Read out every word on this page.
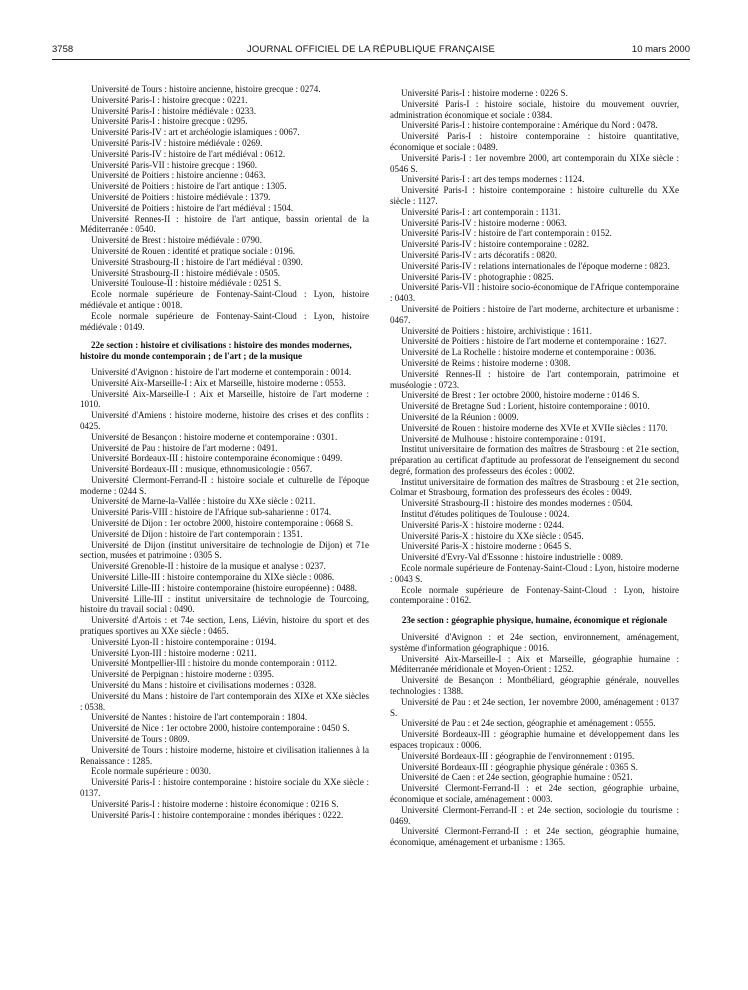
3758	JOURNAL OFFICIEL DE LA RÉPUBLIQUE FRANÇAISE	10 mars 2000

Université de Tours : histoire ancienne, histoire grecque : 0274.

Université Paris-I : histoire grecque : 0221.

Université Paris-I : histoire médiévale : 0233.

Université Paris-I : histoire grecque : 0295.

Université Paris-IV : art et archéologie islamiques : 0067.

Université Paris-IV : histoire médiévale : 0269.

Université Paris-IV : histoire de l'art médiéval : 0612.

Université Paris-VII : histoire grecque : 1960.

Université de Poitiers : histoire ancienne : 0463.

Université de Poitiers : histoire de l'art antique : 1305.

Université de Poitiers : histoire médiévale : 1379.

Université de Poitiers : histoire de l'art médiéval : 1504.

Université Rennes-II : histoire de l'art antique, bassin oriental de la Méditerranée : 0540.

Université de Brest : histoire médiévale : 0790.

Université de Rouen : identité et pratique sociale : 0196.

Université Strasbourg-II : histoire de l'art médiéval : 0390.

Université Strasbourg-II : histoire médiévale : 0505.

Université Toulouse-II : histoire médiévale : 0251 S.

Ecole normale supérieure de Fontenay-Saint-Cloud : Lyon, histoire médiévale et antique : 0018.

Ecole normale supérieure de Fontenay-Saint-Cloud : Lyon, histoire médiévale : 0149.

22e section : histoire et civilisations : histoire des mondes modernes, histoire du monde contemporain ; de l'art ; de la musique

Université d'Avignon : histoire de l'art moderne et contemporain : 0014.

Université Aix-Marseille-I : Aix et Marseille, histoire moderne : 0553.

Université Aix-Marseille-I : Aix et Marseille, histoire de l'art moderne : 1010.

Université d'Amiens : histoire moderne, histoire des crises et des conflits : 0425.

Université de Besançon : histoire moderne et contemporaine : 0301.

Université de Pau : histoire de l'art moderne : 0491.

Université Bordeaux-III : histoire contemporaine économique : 0499.

Université Bordeaux-III : musique, ethnomusicologie : 0567.

Université Clermont-Ferrand-II : histoire sociale et culturelle de l'époque moderne : 0244 S.

Université de Marne-la-Vallée : histoire du XXe siècle : 0211.

Université Paris-VIII : histoire de l'Afrique sub-saharienne : 0174.

Université de Dijon : 1er octobre 2000, histoire contemporaine : 0668 S.

Université de Dijon : histoire de l'art contemporain : 1351.

Université de Dijon (institut universitaire de technologie de Dijon) et 71e section, musées et patrimoine : 0305 S.

Université Grenoble-II : histoire de la musique et analyse : 0237.

Université Lille-III : histoire contemporaine du XIXe siècle : 0086.

Université Lille-III : histoire contemporaine (histoire européenne) : 0488.

Université Lille-III : institut universitaire de technologie de Tourcoing, histoire du travail social : 0490.

Université d'Artois : et 74e section, Lens, Liévin, histoire du sport et des pratiques sportives au XXe siècle : 0465.

Université Lyon-II : histoire contemporaine : 0194.

Université Lyon-III : histoire moderne : 0211.

Université Montpellier-III : histoire du monde contemporain : 0112.

Université de Perpignan : histoire moderne : 0395.

Université du Mans : histoire et civilisations modernes : 0328.

Université du Mans : histoire de l'art contemporain des XIXe et XXe siècles : 0538.

Université de Nantes : histoire de l'art contemporain : 1804.

Université de Nice : 1er octobre 2000, histoire contemporaine : 0450 S.

Université de Tours : 0809.

Université de Tours : histoire moderne, histoire et civilisation italiennes à la Renaissance : 1285.

Ecole normale supérieure : 0030.

Université Paris-I : histoire contemporaine : histoire sociale du XXe siècle : 0137.

Université Paris-I : histoire moderne : histoire économique : 0216 S.

Université Paris-I : histoire contemporaine : mondes ibériques : 0222.

Université Paris-I : histoire moderne : 0226 S.

Université Paris-I : histoire sociale, histoire du mouvement ouvrier, administration économique et sociale : 0384.

Université Paris-I : histoire contemporaine : Amérique du Nord : 0478.

Université Paris-I : histoire contemporaine : histoire quantitative, économique et sociale : 0489.

Université Paris-I : 1er novembre 2000, art contemporain du XIXe siècle : 0546 S.

Université Paris-I : art des temps modernes : 1124.

Université Paris-I : histoire contemporaine : histoire culturelle du XXe siècle : 1127.

Université Paris-I : art contemporain : 1131.

Université Paris-IV : histoire moderne : 0063.

Université Paris-IV : histoire de l'art contemporain : 0152.

Université Paris-IV : histoire contemporaine : 0282.

Université Paris-IV : arts décoratifs : 0820.

Université Paris-IV : relations internationales de l'époque moderne : 0823.

Université Paris-IV : photographie : 0825.

Université Paris-VII : histoire socio-économique de l'Afrique contemporaine : 0403.

Université de Poitiers : histoire de l'art moderne, architecture et urbanisme : 0467.

Université de Poitiers : histoire, archivistique : 1611.

Université de Poitiers : histoire de l'art moderne et contemporaine : 1627.

Université de La Rochelle : histoire moderne et contemporaine : 0036.

Université de Reims : histoire moderne : 0308.

Université Rennes-II : histoire de l'art contemporain, patrimoine et muséologie : 0723.

Université de Brest : 1er octobre 2000, histoire moderne : 0146 S.

Université de Bretagne Sud : Lorient, histoire contemporaine : 0010.

Université de la Réunion : 0009.

Université de Rouen : histoire moderne des XVIe et XVIIe siècles : 1170.

Université de Mulhouse : histoire contemporaine : 0191.

Institut universitaire de formation des maîtres de Strasbourg : et 21e section, préparation au certificat d'aptitude au professorat de l'enseignement du second degré, formation des professeurs des écoles : 0002.

Institut universitaire de formation des maîtres de Strasbourg : et 21e section, Colmar et Strasbourg, formation des professeurs des écoles : 0049.

Université Strasbourg-II : histoire des mondes modernes : 0504.

Institut d'études politiques de Toulouse : 0024.

Université Paris-X : histoire moderne : 0244.

Université Paris-X : histoire du XXe siècle : 0545.

Université Paris-X : histoire moderne : 0645 S.

Université d'Evry-Val d'Essonne : histoire industrielle : 0089.

Ecole normale supérieure de Fontenay-Saint-Cloud : Lyon, histoire moderne : 0043 S.

Ecole normale supérieure de Fontenay-Saint-Cloud : Lyon, histoire contemporaine : 0162.

23e section : géographie physique, humaine, économique et régionale

Université d'Avignon : et 24e section, environnement, aménagement, système d'information géographique : 0016.

Université Aix-Marseille-I : Aix et Marseille, géographie humaine : Méditerranée méridionale et Moyen-Orient : 1252.

Université de Besançon : Montbéliard, géographie générale, nouvelles technologies : 1388.

Université de Pau : et 24e section, 1er novembre 2000, aménagement : 0137 S.

Université de Pau : et 24e section, géographie et aménagement : 0555.

Université Bordeaux-III : géographie humaine et développement dans les espaces tropicaux : 0006.

Université Bordeaux-III : géographie de l'environnement : 0195.

Université Bordeaux-III : géographie physique générale : 0365 S.

Université de Caen : et 24e section, géographie humaine : 0521.

Université Clermont-Ferrand-II : et 24e section, géographie urbaine, économique et sociale, aménagement : 0003.

Université Clermont-Ferrand-II : et 24e section, sociologie du tourisme : 0469.

Université Clermont-Ferrand-II : et 24e section, géographie humaine, économique, aménagement et urbanisme : 1365.
